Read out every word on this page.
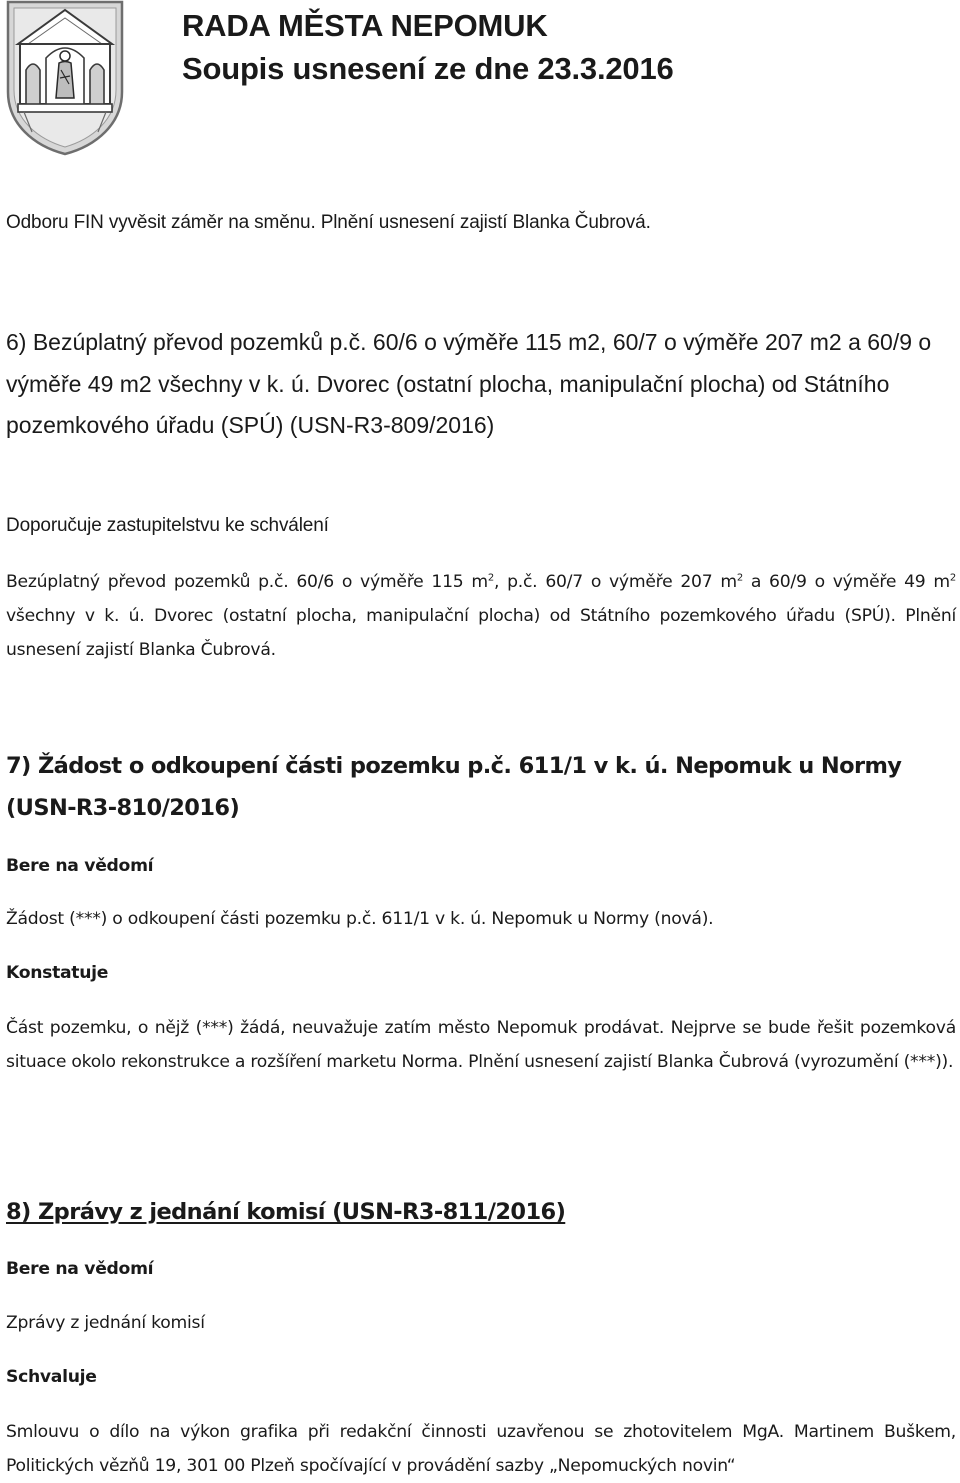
RADA MĚSTA NEPOMUK
Soupis usnesení ze dne 23.3.2016

Odboru FIN vyvěsit záměr na směnu. Plnění usnesení zajistí Blanka Čubrová.

6) Bezúplatný převod pozemků p.č. 60/6 o výměře 115 m2, 60/7 o výměře 207 m2 a 60/9 o výměře 49 m2 všechny v k. ú. Dvorec (ostatní plocha, manipulační plocha) od Státního pozemkového úřadu (SPÚ) (USN-R3-809/2016)

Doporučuje zastupitelstvu ke schválení

Bezúplatný převod pozemků p.č. 60/6 o výměře 115 $m^2$, p.č. 60/7 o výměře 207 $m^2$ a 60/9 o výměře 49 $m^2$ všechny v k. ú. Dvorec (ostatní plocha, manipulační plocha) od Státního pozemkového úřadu (SPÚ). Plnění usnesení zajistí Blanka Čubrová.

7) Žádost o odkoupení části pozemku p.č. 611/1 v k. ú. Nepomuk u Normy (USN-R3-810/2016)

Bere na vědomí

Žádost (***) o odkoupení části pozemku p.č. 611/1 v k. ú. Nepomuk u Normy (nová).

Konstatuje

Část pozemku, o nějž (***) žádá, neuvažuje zatím město Nepomuk prodávat. Nejprve se bude řešit pozemková situace okolo rekonstrukce a rozšíření marketu Norma. Plnění usnesení zajistí Blanka Čubrová (vyrozumění (***)).

8) Zprávy z jednání komisí (USN-R3-811/2016)

Bere na vědomí

Zprávy z jednání komisí

Schvaluje

Smlouvu o dílo na výkon grafika při redakční činnosti uzavřenou se zhotovitelem MgA. Martinem Buškem, Politických vězňů 19, 301 00 Plzeň spočívající v provádění sazby „Nepomuckých novin“
